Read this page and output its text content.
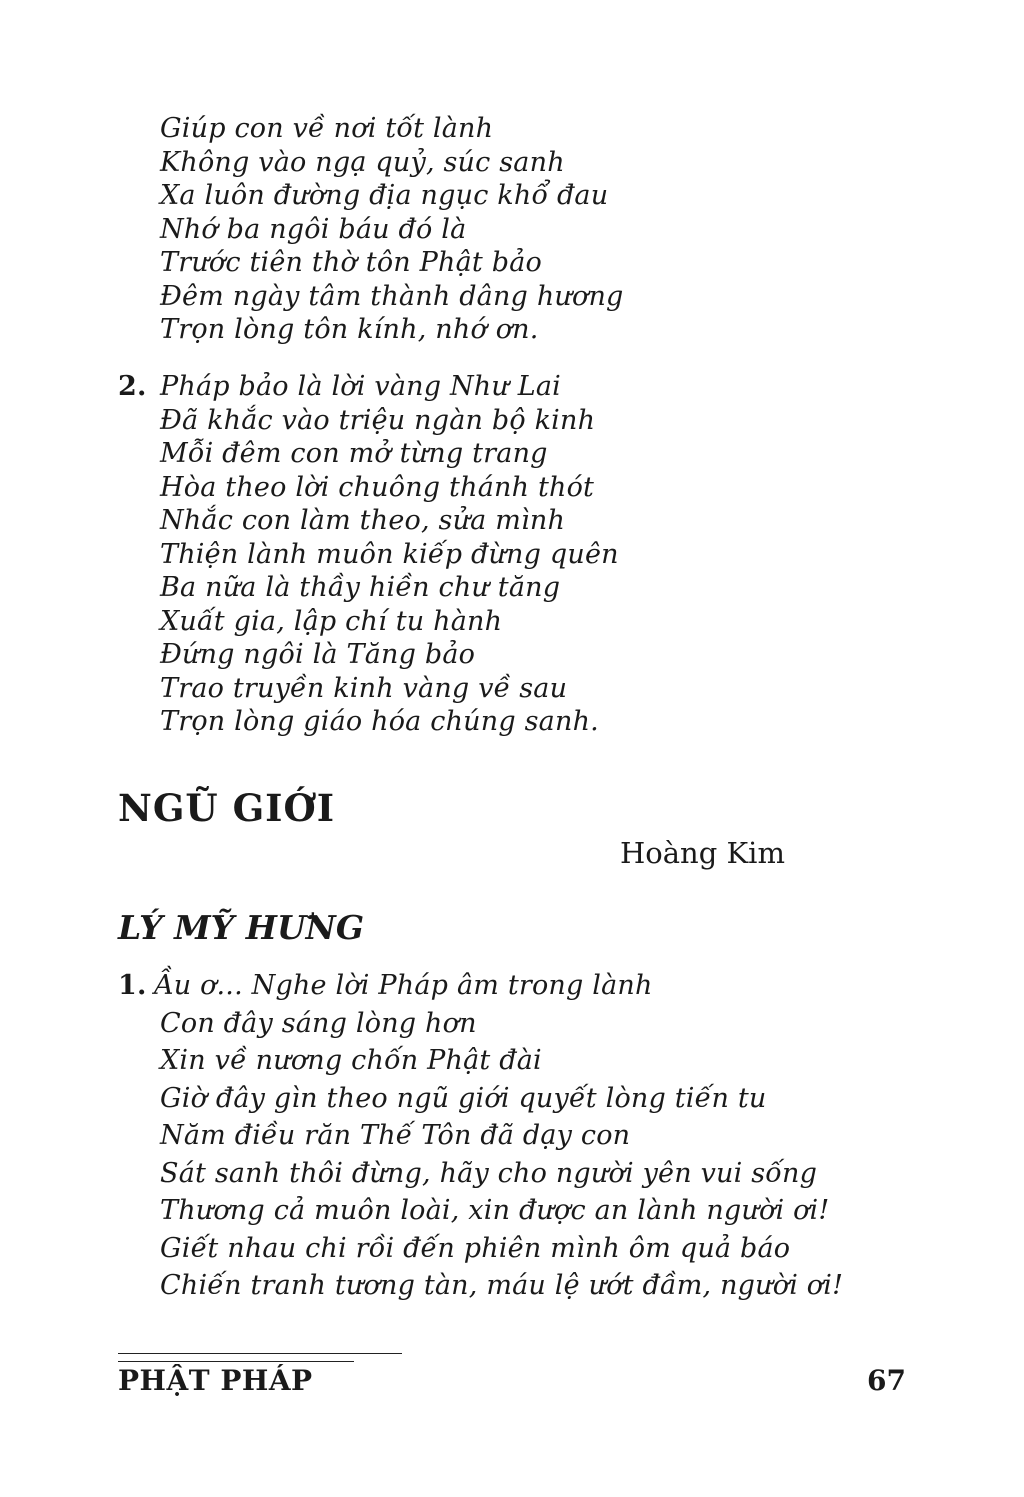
Giúp con về nơi tốt lành
Không vào ngạ quỷ, súc sanh
Xa luôn đường địa ngục khổ đau
Nhớ ba ngôi báu đó là
Trước tiên thờ tôn Phật bảo
Đêm ngày tâm thành dâng hương
Trọn lòng tôn kính, nhớ ơn.
2. Pháp bảo là lời vàng Như Lai
Đã khắc vào triệu ngàn bộ kinh
Mỗi đêm con mở từng trang
Hòa theo lời chuông thánh thót
Nhắc con làm theo, sửa mình
Thiện lành muôn kiếp đừng quên
Ba nữa là thầy hiền chư tăng
Xuất gia, lập chí tu hành
Đứng ngôi là Tăng bảo
Trao truyền kinh vàng về sau
Trọn lòng giáo hóa chúng sanh.
NGŨ GIỚI
Hoàng Kim
LÝ MỸ HƯNG
1. Ầu ơ... Nghe lời Pháp âm trong lành
Con đây sáng lòng hơn
Xin về nương chốn Phật đài
Giờ đây gìn theo ngũ giới quyết lòng tiến tu
Năm điều răn Thế Tôn đã dạy con
Sát sanh thôi đừng, hãy cho người yên vui sống
Thương cả muôn loài, xin được an lành người ơi!
Giết nhau chi rồi đến phiên mình ôm quả báo
Chiến tranh tương tàn, máu lệ ướt đầm, người ơi!
PHẬT PHÁP	67
